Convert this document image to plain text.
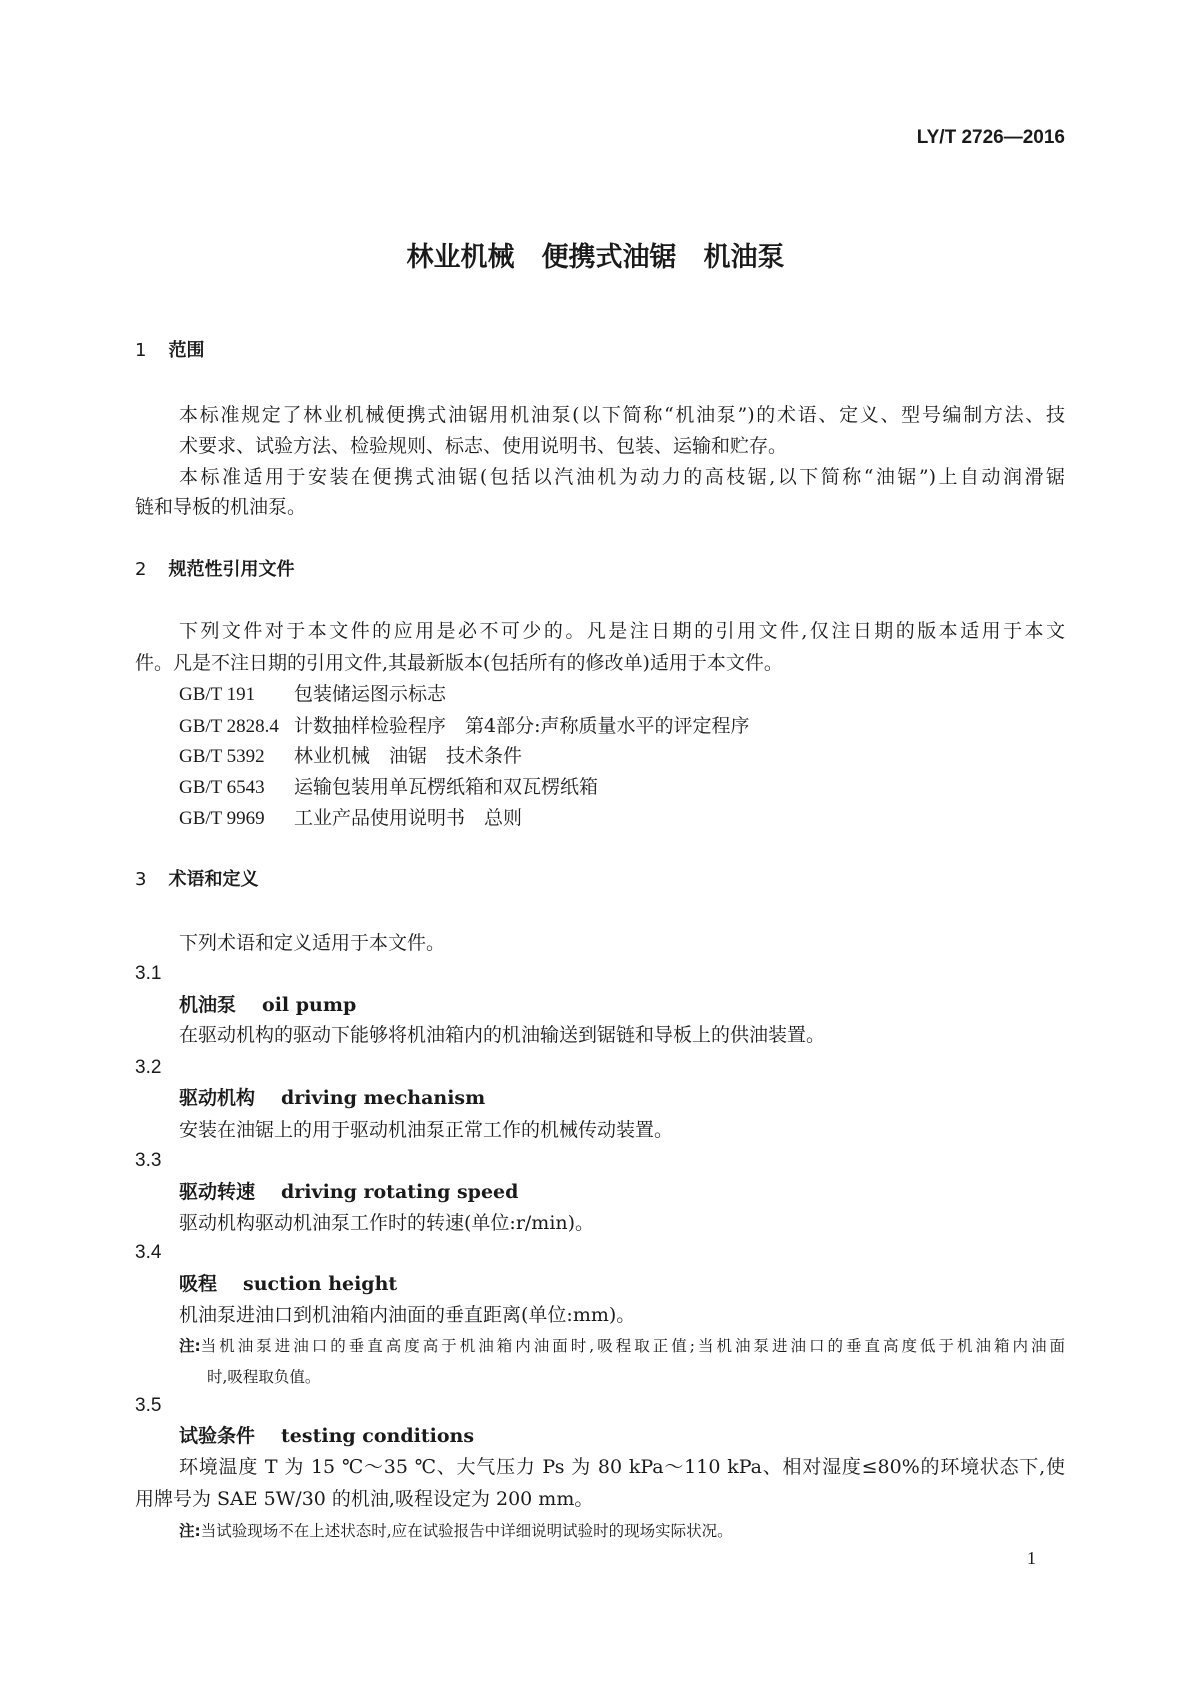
LY/T 2726—2016
林业机械　便携式油锯　机油泵
1 范围
本标准规定了林业机械便携式油锯用机油泵(以下简称“机油泵”)的术语、定义、型号编制方法、技
术要求、试验方法、检验规则、标志、使用说明书、包装、运输和贮存。
本标准适用于安装在便携式油锯(包括以汽油机为动力的高枝锯,以下简称“油锯”)上自动润滑锯
链和导板的机油泵。
2 规范性引用文件
下列文件对于本文件的应用是必不可少的。凡是注日期的引用文件,仅注日期的版本适用于本文
件。凡是不注日期的引用文件,其最新版本(包括所有的修改单)适用于本文件。
GB/T 191 包装储运图示标志
GB/T 2828.4 计数抽样检验程序　第4部分:声称质量水平的评定程序
GB/T 5392 林业机械　油锯　技术条件
GB/T 6543 运输包装用单瓦楞纸箱和双瓦楞纸箱
GB/T 9969 工业产品使用说明书　总则
3 术语和定义
下列术语和定义适用于本文件。
3.1
机油泵 oil pump
在驱动机构的驱动下能够将机油箱内的机油输送到锯链和导板上的供油装置。
3.2
驱动机构 driving mechanism
安装在油锯上的用于驱动机油泵正常工作的机械传动装置。
3.3
驱动转速 driving rotating speed
驱动机构驱动机油泵工作时的转速(单位:r/min)。
3.4
吸程 suction height
机油泵进油口到机油箱内油面的垂直距离(单位:mm)。
注: 当机油泵进油口的垂直高度高于机油箱内油面时,吸程取正值;当机油泵进油口的垂直高度低于机油箱内油面
时,吸程取负值。
3.5
试验条件 testing conditions
环境温度 T 为 15 ℃～35 ℃、大气压力 Ps 为 80 kPa～110 kPa、相对湿度≤80%的环境状态下,使
用牌号为 SAE 5W/30 的机油,吸程设定为 200 mm。
注:当试验现场不在上述状态时,应在试验报告中详细说明试验时的现场实际状况。
1
